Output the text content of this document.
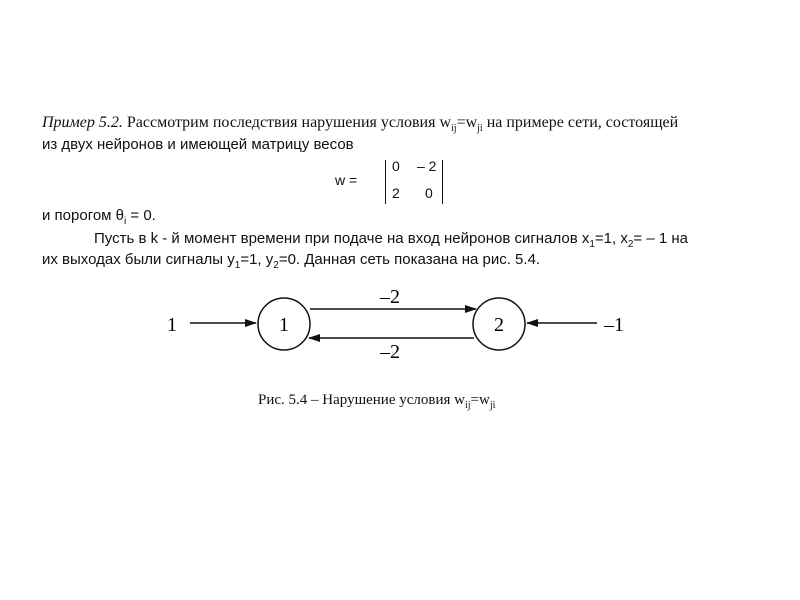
Пример 5.2. Рассмотрим последствия нарушения условия $w_{ij}=w_{ji}$ на примере сети, состоящей
из двух нейронов и имеющей матрицу весов
w =
0 – 2
2 0
и порогом $\theta_i = 0$.
Пусть в k - й момент времени при подаче на вход нейронов сигналов $x_1=1$, $x_2= - 1$ на
их выходах были сигналы $y_1=1$, $y_2=0$. Данная сеть показана на рис. 5.4.
1	2
1	–1
–2
–2
Рис. 5.4 – Нарушение условия $w_{ij}=w_{ji}$
